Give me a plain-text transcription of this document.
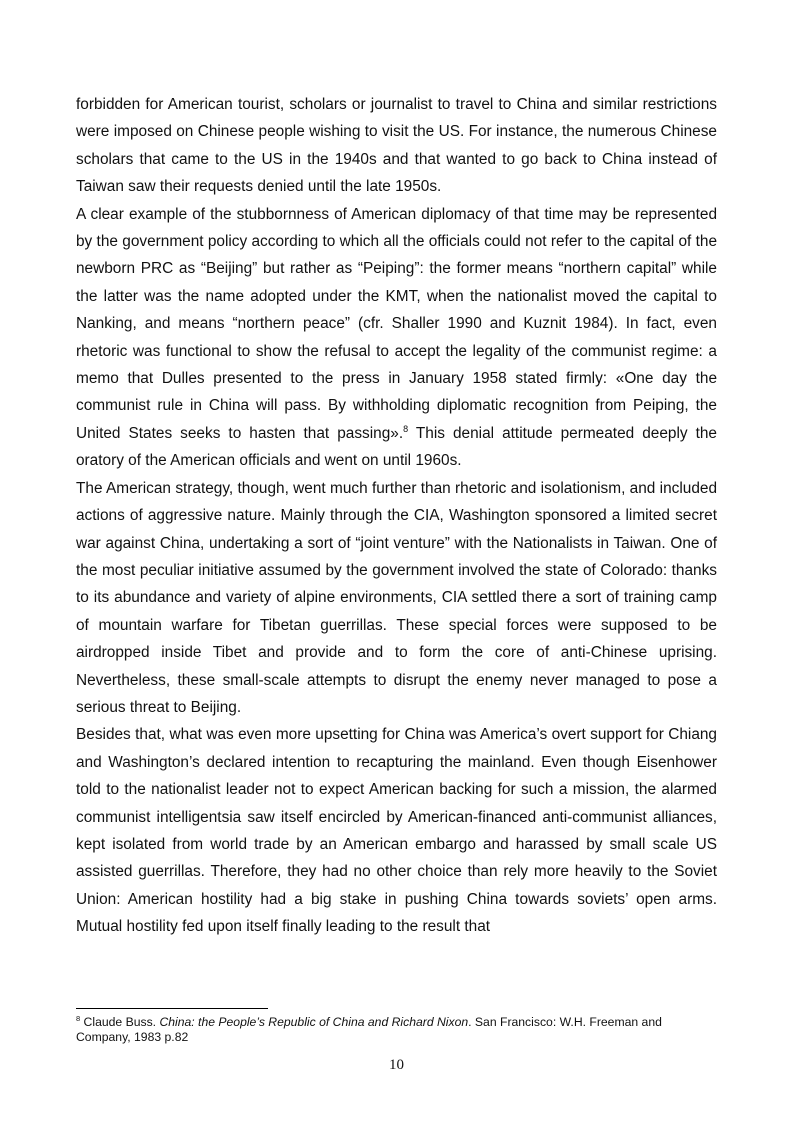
forbidden for American tourist, scholars or journalist to travel to China and similar restrictions were imposed on Chinese people wishing to visit the US. For instance, the numerous Chinese scholars that came to the US in the 1940s and that wanted to go back to China instead of Taiwan saw their requests denied until the late 1950s.

A clear example of the stubbornness of American diplomacy of that time may be represented by the government policy according to which all the officials could not refer to the capital of the newborn PRC as “Beijing” but rather as “Peiping”: the former means “northern capital” while the latter was the name adopted under the KMT, when the nationalist moved the capital to Nanking, and means “northern peace” (cfr. Shaller 1990 and Kuznit 1984). In fact, even rhetoric was functional to show the refusal to accept the legality of the communist regime: a memo that Dulles presented to the press in January 1958 stated firmly: «One day the communist rule in China will pass. By withholding diplomatic recognition from Peiping, the United States seeks to hasten that passing».$^8$ This denial attitude permeated deeply the oratory of the American officials and went on until 1960s.

The American strategy, though, went much further than rhetoric and isolationism, and included actions of aggressive nature. Mainly through the CIA, Washington sponsored a limited secret war against China, undertaking a sort of “joint venture” with the Nationalists in Taiwan. One of the most peculiar initiative assumed by the government involved the state of Colorado: thanks to its abundance and variety of alpine environments, CIA settled there a sort of training camp of mountain warfare for Tibetan guerrillas. These special forces were supposed to be airdropped inside Tibet and provide and to form the core of anti-Chinese uprising. Nevertheless, these small-scale attempts to disrupt the enemy never managed to pose a serious threat to Beijing.

Besides that, what was even more upsetting for China was America’s overt support for Chiang and Washington’s declared intention to recapturing the mainland. Even though Eisenhower told to the nationalist leader not to expect American backing for such a mission, the alarmed communist intelligentsia saw itself encircled by American-financed anti-communist alliances, kept isolated from world trade by an American embargo and harassed by small scale US assisted guerrillas. Therefore, they had no other choice than rely more heavily to the Soviet Union: American hostility had a big stake in pushing China towards soviets’ open arms. Mutual hostility fed upon itself finally leading to the result that

$^8$ Claude Buss. China: the People’s Republic of China and Richard Nixon. San Francisco: W.H. Freeman and Company, 1983 p.82
10
